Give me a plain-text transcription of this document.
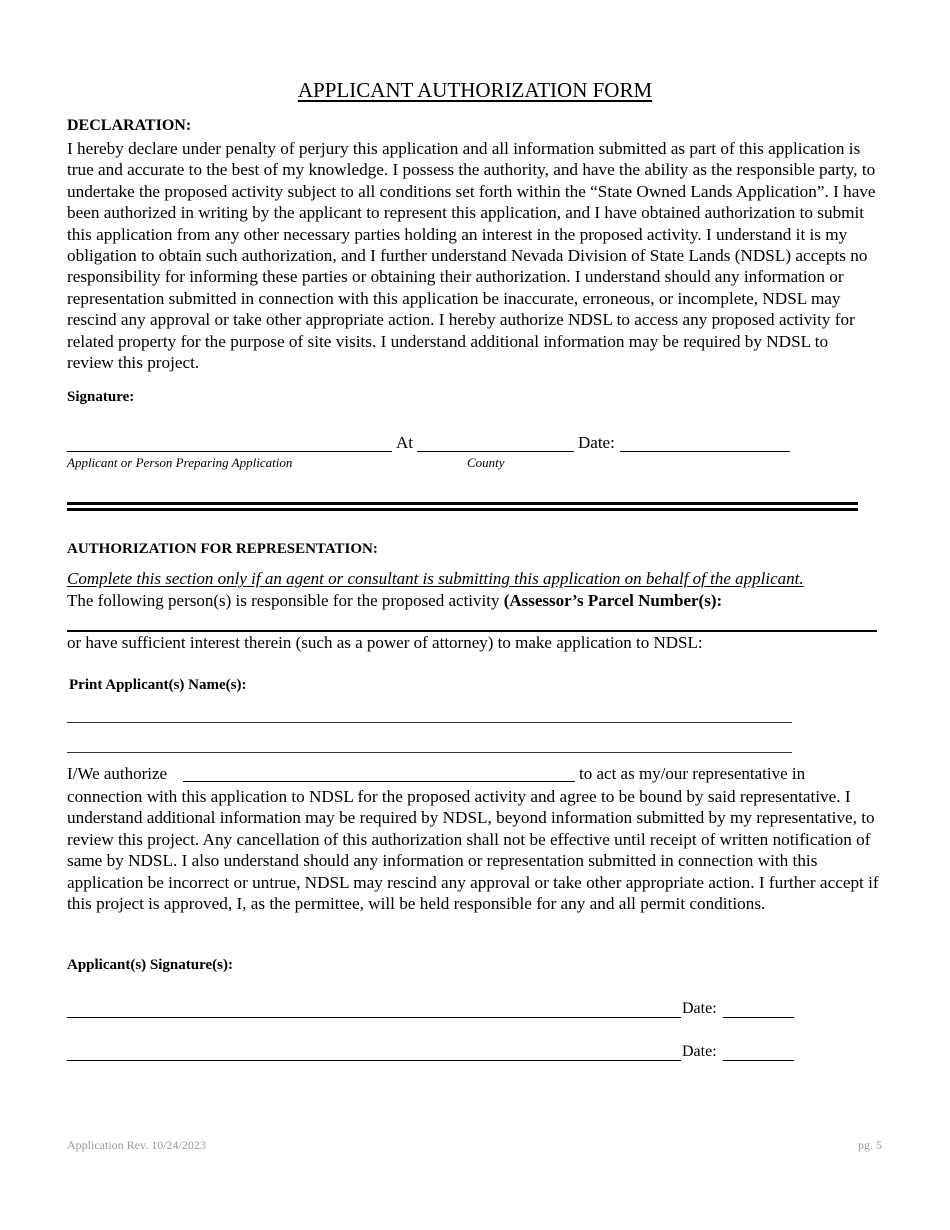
APPLICANT AUTHORIZATION FORM
DECLARATION:

I hereby declare under penalty of perjury this application and all information submitted as part of this application is true and accurate to the best of my knowledge. I possess the authority, and have the ability as the responsible party, to undertake the proposed activity subject to all conditions set forth within the “State Owned Lands Application”. I have been authorized in writing by the applicant to represent this application, and I have obtained authorization to submit this application from any other necessary parties holding an interest in the proposed activity. I understand it is my obligation to obtain such authorization, and I further understand Nevada Division of State Lands (NDSL) accepts no responsibility for informing these parties or obtaining their authorization. I understand should any information or representation submitted in connection with this application be inaccurate, erroneous, or incomplete, NDSL may rescind any approval or take other appropriate action. I hereby authorize NDSL to access any proposed activity for related property for the purpose of site visits. I understand additional information may be required by NDSL to review this project.

Signature:
At	Date:
Applicant or Person Preparing Application	County
AUTHORIZATION FOR REPRESENTATION:
Complete this section only if an agent or consultant is submitting this application on behalf of the applicant.
The following person(s) is responsible for the proposed activity (Assessor’s Parcel Number(s):
or have sufficient interest therein (such as a power of attorney) to make application to NDSL:
Print Applicant(s) Name(s):
I/We authorize	to act as my/our representative in

connection with this application to NDSL for the proposed activity and agree to be bound by said representative. I understand additional information may be required by NDSL, beyond information submitted by my representative, to review this project. Any cancellation of this authorization shall not be effective until receipt of written notification of same by NDSL. I also understand should any information or representation submitted in connection with this application be incorrect or untrue, NDSL may rescind any approval or take other appropriate action. I further accept if this project is approved, I, as the permittee, will be held responsible for any and all permit conditions.

Applicant(s) Signature(s):
Date:
Date:
Application Rev. 10/24/2023	pg. 5
